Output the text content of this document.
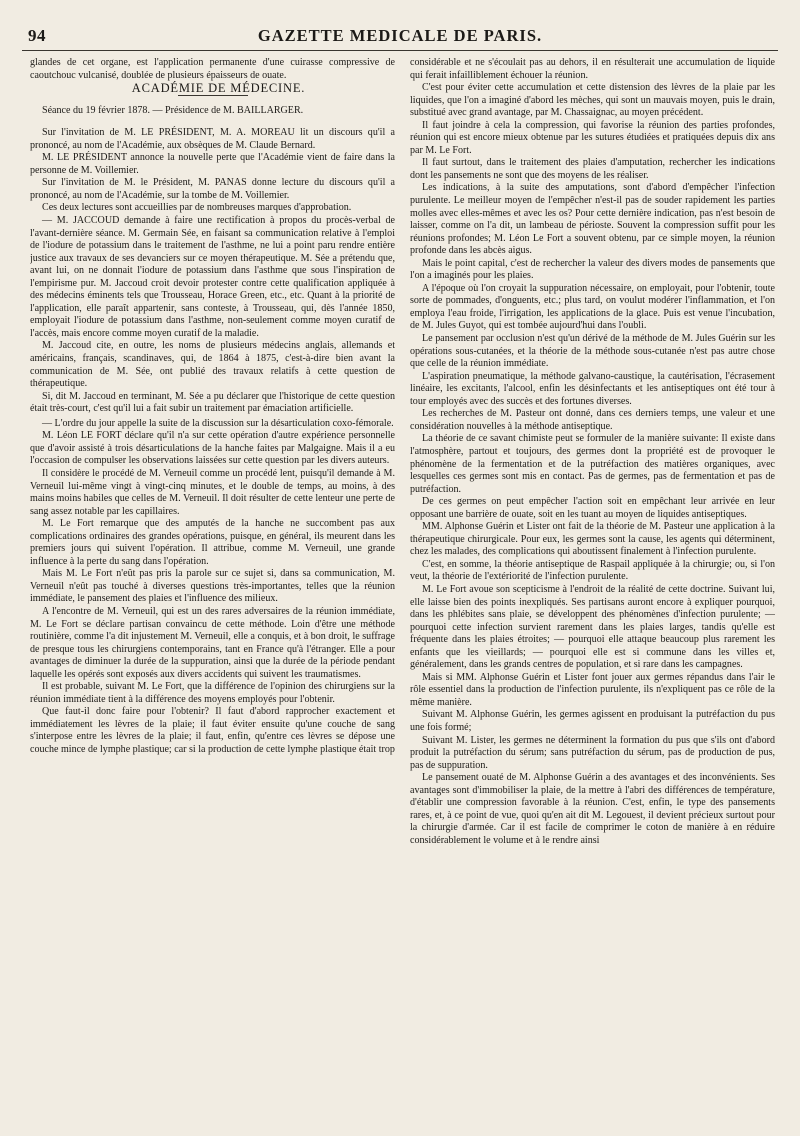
94	GAZETTE MEDICALE DE PARIS.

glandes de cet organe, est l'application permanente d'une cuirasse compressive de caoutchouc vulcanisé, doublée de plusieurs épaisseurs de ouate.

ACADÉMIE DE MÉDECINE.

Séance du 19 février 1878. — Présidence de M. BAILLARGER.

Sur l'invitation de M. LE PRÉSIDENT, M. A. MOREAU lit un discours qu'il a prononcé, au nom de l'Académie, aux obsèques de M. Claude Bernard.

M. LE PRÉSIDENT annonce la nouvelle perte que l'Académie vient de faire dans la personne de M. Voillemier.

Sur l'invitation de M. le Président, M. PANAS donne lecture du discours qu'il a prononcé, au nom de l'Académie, sur la tombe de M. Voillemier.

Ces deux lectures sont accueillies par de nombreuses marques d'approbation.

— M. JACCOUD demande à faire une rectification à propos du procès-verbal de l'avant-dernière séance. M. Germain Sée, en faisant sa communication relative à l'emploi de l'iodure de potassium dans le traitement de l'asthme, ne lui a point paru rendre entière justice aux travaux de ses devanciers sur ce moyen thérapeutique. M. Sée a prétendu que, avant lui, on ne donnait l'iodure de potassium dans l'asthme que sous l'inspiration de l'empirisme pur. M. Jaccoud croit devoir protester contre cette qualification appliquée à des médecins éminents tels que Trousseau, Horace Green, etc., etc. Quant à la priorité de l'application, elle paraît appartenir, sans conteste, à Trousseau, qui, dès l'année 1850, employait l'iodure de potassium dans l'asthme, non-seulement comme moyen curatif de l'accès, mais encore comme moyen curatif de la maladie.

M. Jaccoud cite, en outre, les noms de plusieurs médecins anglais, allemands et américains, français, scandinaves, qui, de 1864 à 1875, c'est-à-dire bien avant la communication de M. Sée, ont publié des travaux relatifs à cette question de thérapeutique.

Si, dit M. Jaccoud en terminant, M. Sée a pu déclarer que l'historique de cette question était très-court, c'est qu'il lui a fait subir un traitement par émaciation artificielle.

— L'ordre du jour appelle la suite de la discussion sur la désarticulation coxo-fémorale.

M. Léon LE FORT déclare qu'il n'a sur cette opération d'autre expérience personnelle que d'avoir assisté à trois désarticulations de la hanche faites par Malgaigne. Mais il a eu l'occasion de compulser les observations laissées sur cette question par les divers auteurs.

Il considère le procédé de M. Verneuil comme un procédé lent, puisqu'il demande à M. Verneuil lui-même vingt à vingt-cinq minutes, et le double de temps, au moins, à des mains moins habiles que celles de M. Verneuil. Il doit résulter de cette lenteur une perte de sang assez notable par les capillaires.

M. Le Fort remarque que des amputés de la hanche ne succombent pas aux complications ordinaires des grandes opérations, puisque, en général, ils meurent dans les premiers jours qui suivent l'opération. Il attribue, comme M. Verneuil, une grande influence à la perte du sang dans l'opération.

Mais M. Le Fort n'eût pas pris la parole sur ce sujet si, dans sa communication, M. Verneuil n'eût pas touché à diverses questions très-importantes, telles que la réunion immédiate, le pansement des plaies et l'influence des milieux.

A l'encontre de M. Verneuil, qui est un des rares adversaires de la réunion immédiate, M. Le Fort se déclare partisan convaincu de cette méthode. Loin d'être une méthode routinière, comme l'a dit injustement M. Verneuil, elle a conquis, et à bon droit, le suffrage de presque tous les chirurgiens contemporains, tant en France qu'à l'étranger. Elle a pour avantages de diminuer la durée de la suppuration, ainsi que la durée de la période pendant laquelle les opérés sont exposés aux divers accidents qui suivent les traumatismes.

Il est probable, suivant M. Le Fort, que la différence de l'opinion des chirurgiens sur la réunion immédiate tient à la différence des moyens employés pour l'obtenir.

Que faut-il donc faire pour l'obtenir? Il faut d'abord rapprocher exactement et immédiatement les lèvres de la plaie; il faut éviter ensuite qu'une couche de sang s'interpose entre les lèvres de la plaie; il faut, enfin, qu'entre ces lèvres se dépose une couche mince de lymphe plastique; car si la production de cette lymphe plastique était trop

considérable et ne s'écoulait pas au dehors, il en résulterait une accumulation de liquide qui ferait infailliblement échouer la réunion.

C'est pour éviter cette accumulation et cette distension des lèvres de la plaie par les liquides, que l'on a imaginé d'abord les mèches, qui sont un mauvais moyen, puis le drain, substitué avec grand avantage, par M. Chassaignac, au moyen précédent.

Il faut joindre à cela la compression, qui favorise la réunion des parties profondes, réunion qui est encore mieux obtenue par les sutures étudiées et pratiquées depuis dix ans par M. Le Fort.

Il faut surtout, dans le traitement des plaies d'amputation, rechercher les indications dont les pansements ne sont que des moyens de les réaliser.

Les indications, à la suite des amputations, sont d'abord d'empêcher l'infection purulente. Le meilleur moyen de l'empêcher n'est-il pas de souder rapidement les parties molles avec elles-mêmes et avec les os? Pour cette dernière indication, pas n'est besoin de laisser, comme on l'a dit, un lambeau de périoste. Souvent la compression suffit pour les réunions profondes; M. Léon Le Fort a souvent obtenu, par ce simple moyen, la réunion profonde dans les abcès aigus.

Mais le point capital, c'est de rechercher la valeur des divers modes de pansements que l'on a imaginés pour les plaies.

A l'époque où l'on croyait la suppuration nécessaire, on employait, pour l'obtenir, toute sorte de pommades, d'onguents, etc.; plus tard, on voulut modérer l'inflammation, et l'on employa l'eau froide, l'irrigation, les applications de la glace. Puis est venue l'incubation, de M. Jules Guyot, qui est tombée aujourd'hui dans l'oubli.

Le pansement par occlusion n'est qu'un dérivé de la méthode de M. Jules Guérin sur les opérations sous-cutanées, et la théorie de la méthode sous-cutanée n'est pas autre chose que celle de la réunion immédiate.

L'aspiration pneumatique, la méthode galvano-caustique, la cautérisation, l'écrasement linéaire, les excitants, l'alcool, enfin les désinfectants et les antiseptiques ont été tour à tour employés avec des succès et des fortunes diverses.

Les recherches de M. Pasteur ont donné, dans ces derniers temps, une valeur et une considération nouvelles à la méthode antiseptique.

La théorie de ce savant chimiste peut se formuler de la manière suivante: Il existe dans l'atmosphère, partout et toujours, des germes dont la propriété est de provoquer le phénomène de la fermentation et de la putréfaction des matières organiques, avec lesquelles ces germes sont mis en contact. Pas de germes, pas de fermentation et pas de putréfaction.

De ces germes on peut empêcher l'action soit en empêchant leur arrivée en leur opposant une barrière de ouate, soit en les tuant au moyen de liquides antiseptiques.

MM. Alphonse Guérin et Lister ont fait de la théorie de M. Pasteur une application à la thérapeutique chirurgicale. Pour eux, les germes sont la cause, les agents qui déterminent, chez les malades, des complications qui aboutissent finalement à l'infection purulente.

C'est, en somme, la théorie antiseptique de Raspail appliquée à la chirurgie; ou, si l'on veut, la théorie de l'extériorité de l'infection purulente.

M. Le Fort avoue son scepticisme à l'endroit de la réalité de cette doctrine. Suivant lui, elle laisse bien des points inexpliqués. Ses partisans auront encore à expliquer pourquoi, dans les phlébites sans plaie, se développent des phénomènes d'infection purulente; — pourquoi cette infection survient rarement dans les plaies larges, tandis qu'elle est fréquente dans les plaies étroites; — pourquoi elle attaque beaucoup plus rarement les enfants que les vieillards; — pourquoi elle est si commune dans les villes et, généralement, dans les grands centres de population, et si rare dans les campagnes.

Mais si MM. Alphonse Guérin et Lister font jouer aux germes répandus dans l'air le rôle essentiel dans la production de l'infection purulente, ils n'expliquent pas ce rôle de la même manière.

Suivant M. Alphonse Guérin, les germes agissent en produisant la putréfaction du pus une fois formé;

Suivant M. Lister, les germes ne déterminent la formation du pus que s'ils ont d'abord produit la putréfaction du sérum; sans putréfaction du sérum, pas de production de pus, pas de suppuration.

Le pansement ouaté de M. Alphonse Guérin a des avantages et des inconvénients. Ses avantages sont d'immobiliser la plaie, de la mettre à l'abri des différences de température, d'établir une compression favorable à la réunion. C'est, enfin, le type des pansements rares, et, à ce point de vue, quoi qu'en ait dit M. Legouest, il devient précieux surtout pour la chirurgie d'armée. Car il est facile de comprimer le coton de manière à en réduire considérablement le volume et à le rendre ainsi
